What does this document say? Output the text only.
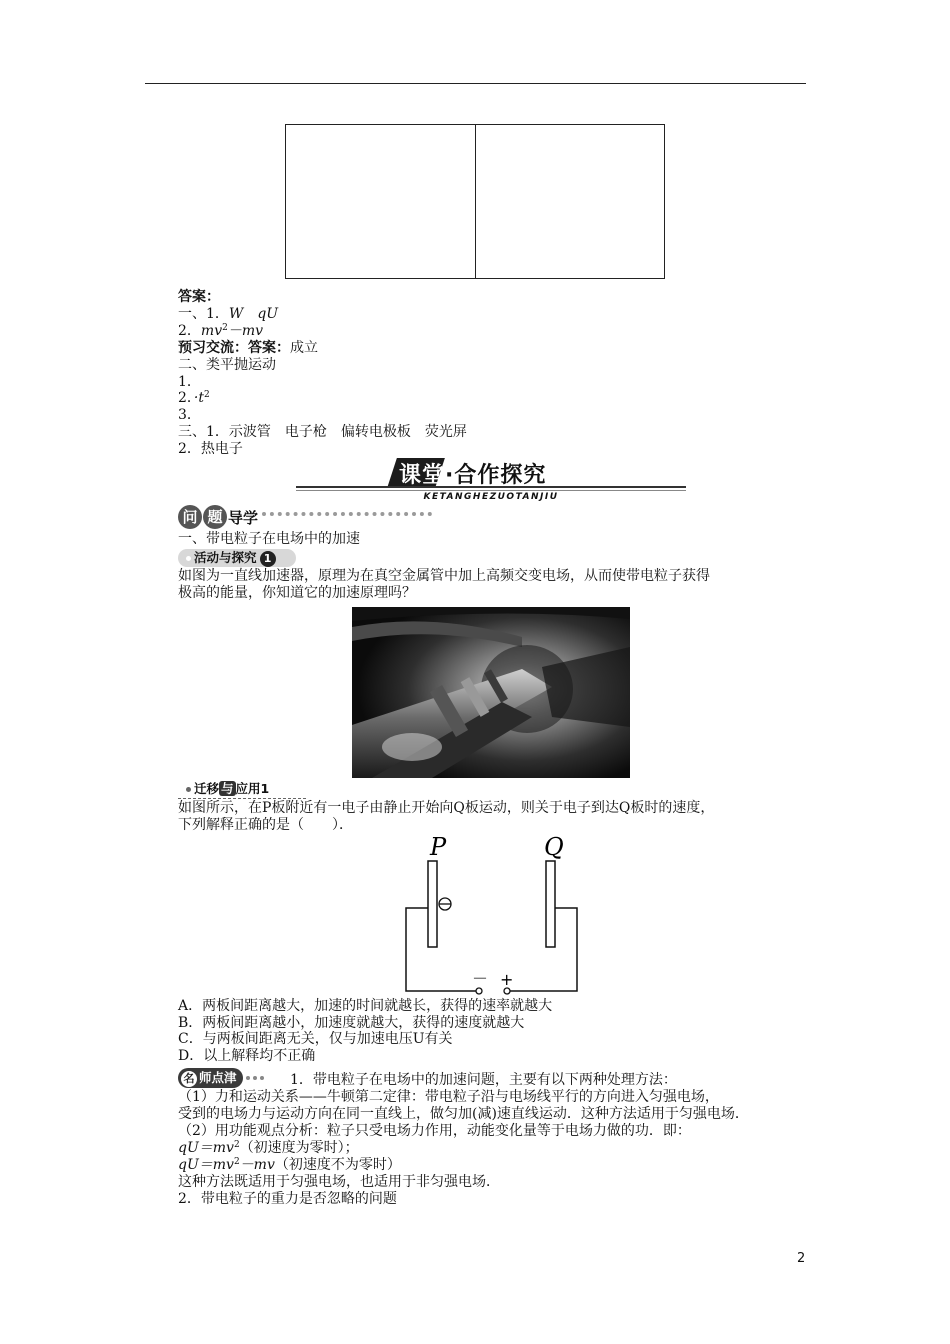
答案：
一、1．W　 qU
2．$mv^2-mv$
预习交流：答案：成立
二、类平抛运动
1．
2．$\cdot t^2$
3．
三、1．示波管　电子枪　偏转电极板　荧光屏
2．热电子
课堂·合作探究
KETANGHEZUOTANJIU
问 题 导学
一、带电粒子在电场中的加速
活动与探究 1
如图为一直线加速器，原理为在真空金属管中加上高频交变电场，从而使带电粒子获得
极高的能量，你知道它的加速原理吗？
迁移 与 应用1
如图所示，在P板附近有一电子由静止开始向Q板运动，则关于电子到达Q板时的速度，
下列解释正确的是（　　）．
P	Q
－ +
A．两板间距离越大，加速的时间就越长，获得的速率就越大
B．两板间距离越小，加速度就越大，获得的速度就越大
C．与两板间距离无关，仅与加速电压U有关
D．以上解释均不正确
名 师点津	1．带电粒子在电场中的加速问题，主要有以下两种处理方法：
（1）力和运动关系——牛顿第二定律：带电粒子沿与电场线平行的方向进入匀强电场，
受到的电场力与运动方向在同一直线上，做匀加(减)速直线运动．这种方法适用于匀强电场．
（2）用功能观点分析：粒子只受电场力作用，动能变化量等于电场力做的功．即：
$qU=mv^2$（初速度为零时）；
$qU=mv^2-mv$（初速度不为零时）
这种方法既适用于匀强电场，也适用于非匀强电场．
2．带电粒子的重力是否忽略的问题
2
